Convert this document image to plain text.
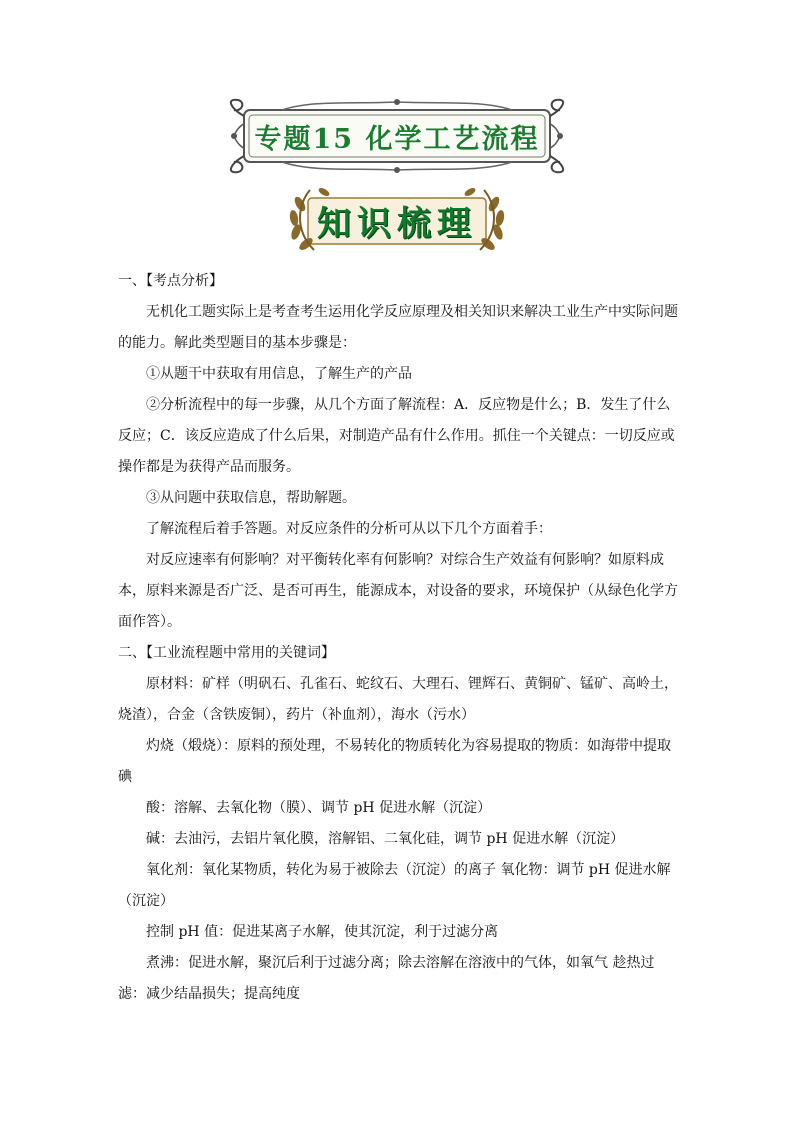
专题15 化学工艺流程
知识梳理

一、【考点分析】

无机化工题实际上是考查考生运用化学反应原理及相关知识来解决工业生产中实际问题的能力。解此类型题目的基本步骤是：

①从题干中获取有用信息，了解生产的产品

②分析流程中的每一步骤，从几个方面了解流程：A．反应物是什么；B．发生了什么反应；C．该反应造成了什么后果，对制造产品有什么作用。抓住一个关键点：一切反应或操作都是为获得产品而服务。

③从问题中获取信息，帮助解题。

了解流程后着手答题。对反应条件的分析可从以下几个方面着手：

对反应速率有何影响？对平衡转化率有何影响？对综合生产效益有何影响？如原料成本，原料来源是否广泛、是否可再生，能源成本，对设备的要求，环境保护（从绿色化学方面作答）。

二、【工业流程题中常用的关键词】

原材料：矿样（明矾石、孔雀石、蛇纹石、大理石、锂辉石、黄铜矿、锰矿、高岭土，烧渣），合金（含铁废铜），药片（补血剂），海水（污水）

灼烧（煅烧）：原料的预处理，不易转化的物质转化为容易提取的物质：如海带中提取碘

酸：溶解、去氧化物（膜）、调节 pH 促进水解（沉淀）

碱：去油污，去铝片氧化膜，溶解铝、二氧化硅，调节 pH 促进水解（沉淀）

氧化剂：氧化某物质，转化为易于被除去（沉淀）的离子 氧化物：调节 pH 促进水解（沉淀）

控制 pH 值：促进某离子水解，使其沉淀，利于过滤分离

煮沸：促进水解，聚沉后利于过滤分离；除去溶解在溶液中的气体，如氧气 趁热过滤：减少结晶损失；提高纯度
